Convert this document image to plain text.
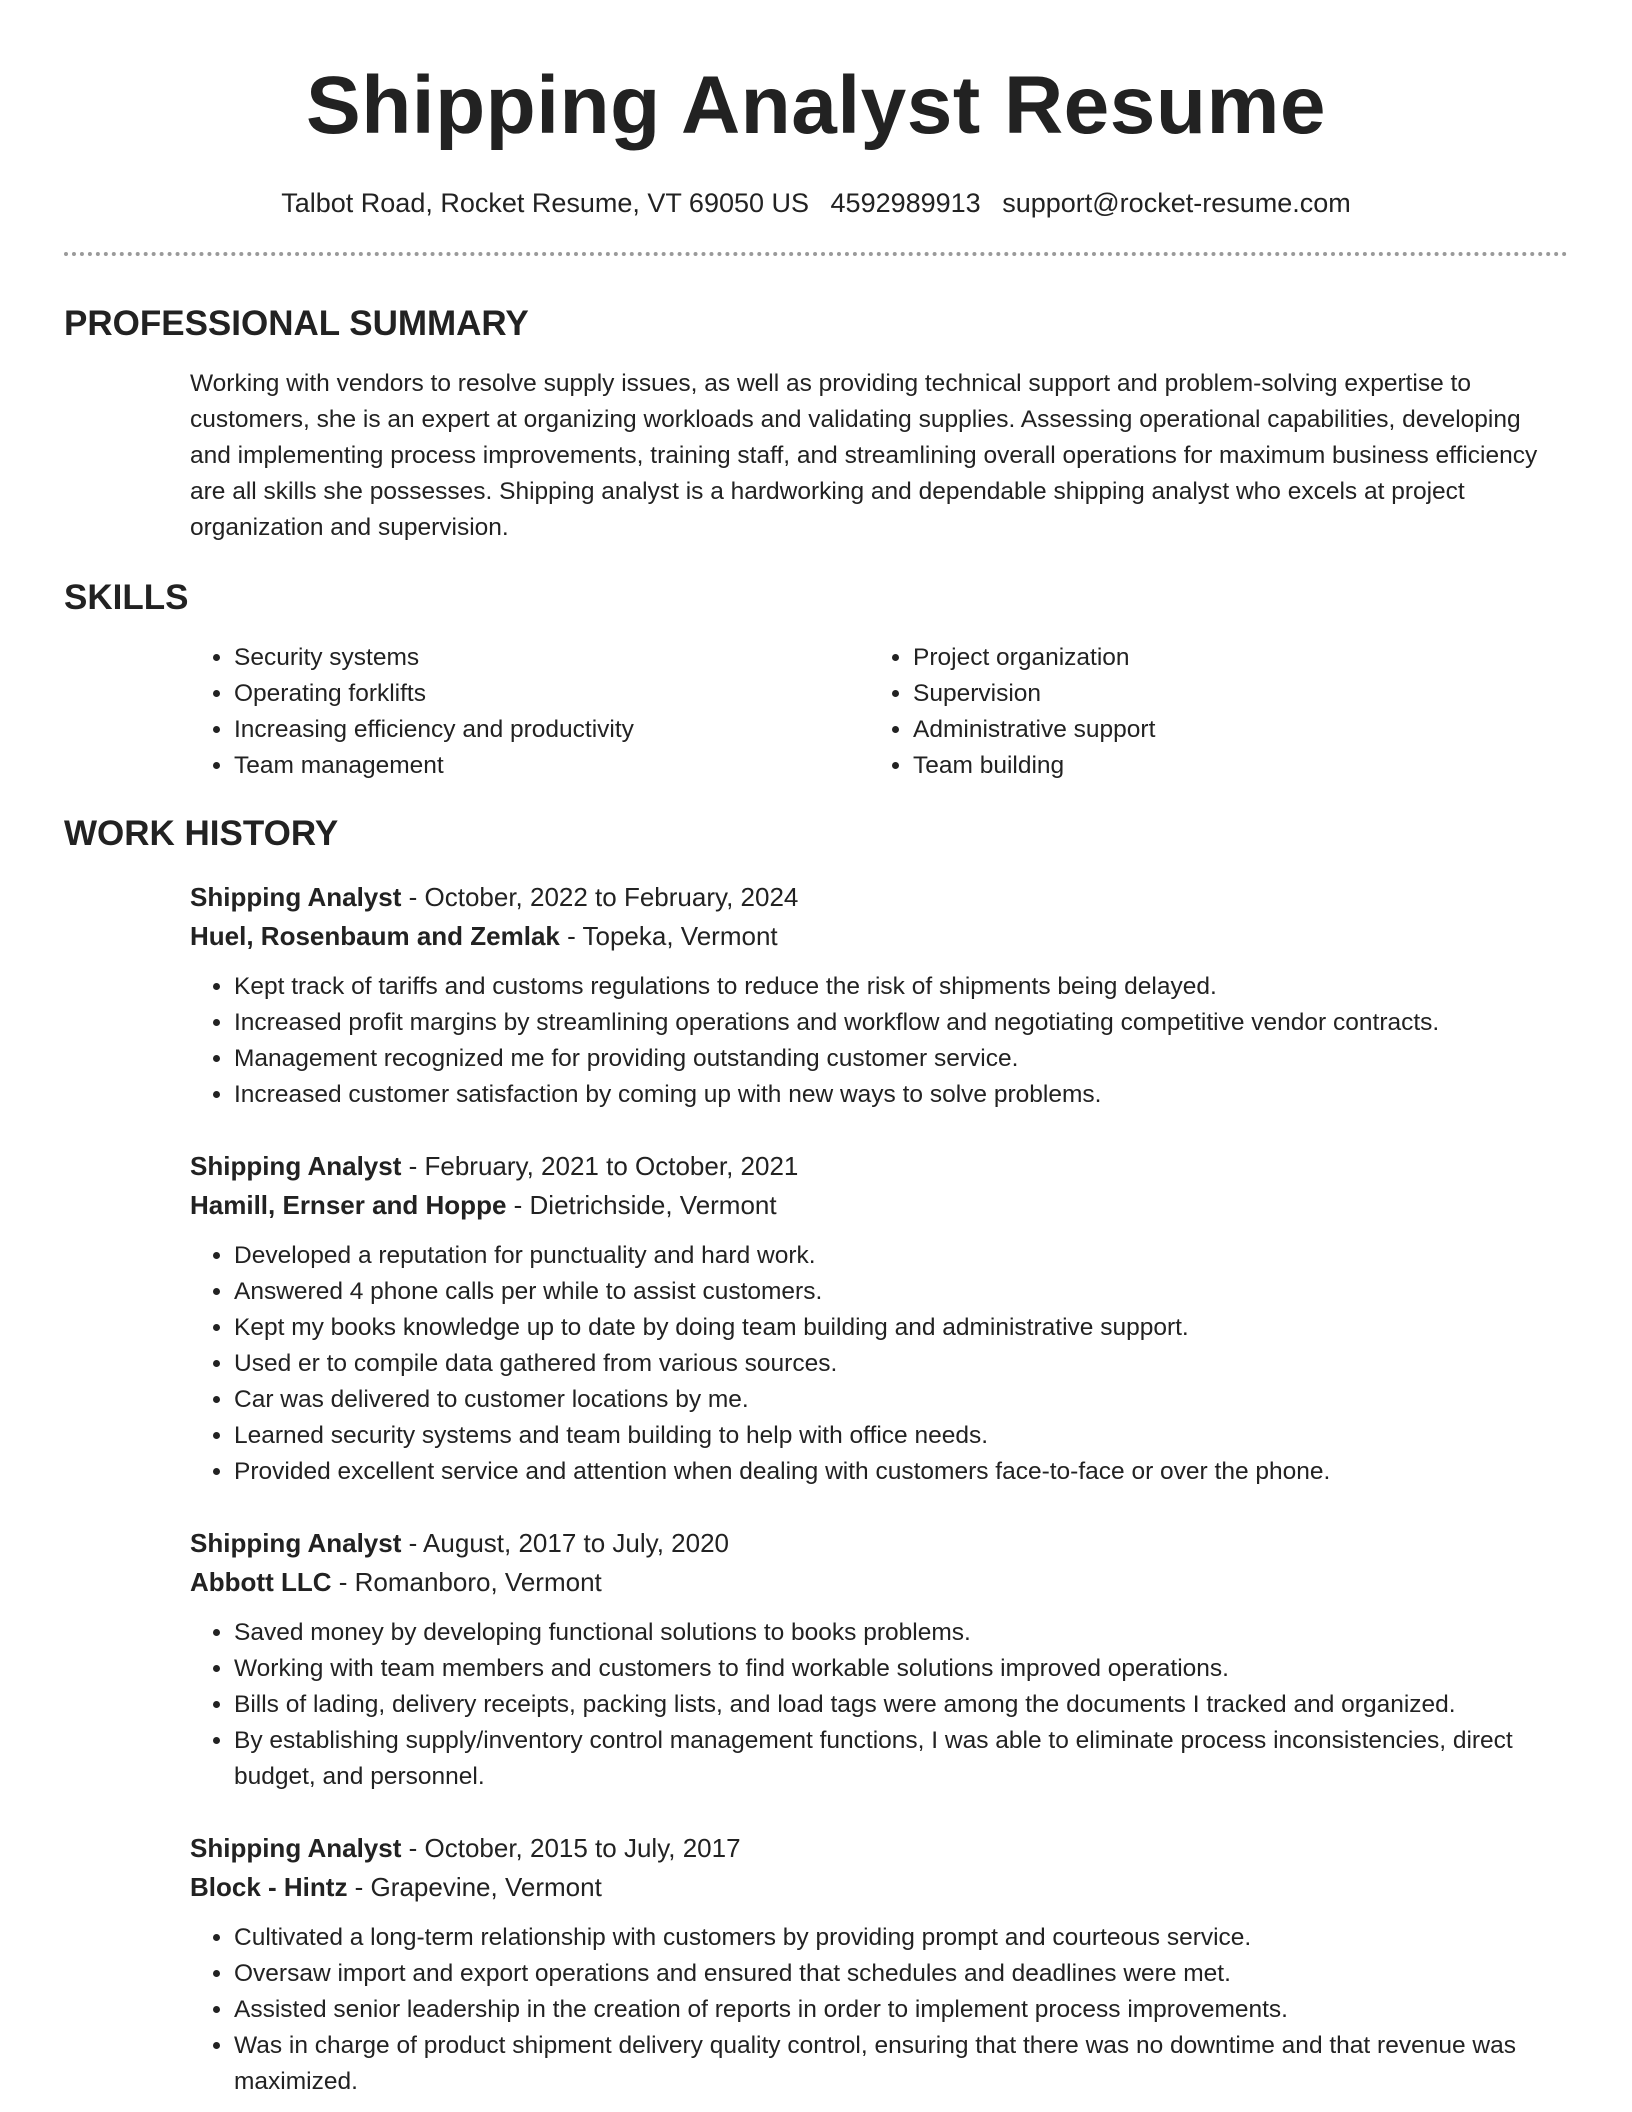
Shipping Analyst Resume
Talbot Road, Rocket Resume, VT 69050 US 4592989913 support@rocket-resume.com
PROFESSIONAL SUMMARY
Working with vendors to resolve supply issues, as well as providing technical support and problem-solving expertise to customers, she is an expert at organizing workloads and validating supplies. Assessing operational capabilities, developing and implementing process improvements, training staff, and streamlining overall operations for maximum business efficiency are all skills she possesses. Shipping analyst is a hardworking and dependable shipping analyst who excels at project organization and supervision.
SKILLS
• Security systems
• Operating forklifts
• Increasing efficiency and productivity
• Team management
• Project organization
• Supervision
• Administrative support
• Team building
WORK HISTORY
Shipping Analyst - October, 2022 to February, 2024
Huel, Rosenbaum and Zemlak - Topeka, Vermont
• Kept track of tariffs and customs regulations to reduce the risk of shipments being delayed.
• Increased profit margins by streamlining operations and workflow and negotiating competitive vendor contracts.
• Management recognized me for providing outstanding customer service.
• Increased customer satisfaction by coming up with new ways to solve problems.
Shipping Analyst - February, 2021 to October, 2021
Hamill, Ernser and Hoppe - Dietrichside, Vermont
• Developed a reputation for punctuality and hard work.
• Answered 4 phone calls per while to assist customers.
• Kept my books knowledge up to date by doing team building and administrative support.
• Used er to compile data gathered from various sources.
• Car was delivered to customer locations by me.
• Learned security systems and team building to help with office needs.
• Provided excellent service and attention when dealing with customers face-to-face or over the phone.
Shipping Analyst - August, 2017 to July, 2020
Abbott LLC - Romanboro, Vermont
• Saved money by developing functional solutions to books problems.
• Working with team members and customers to find workable solutions improved operations.
• Bills of lading, delivery receipts, packing lists, and load tags were among the documents I tracked and organized.
• By establishing supply/inventory control management functions, I was able to eliminate process inconsistencies, direct budget, and personnel.
Shipping Analyst - October, 2015 to July, 2017
Block - Hintz - Grapevine, Vermont
• Cultivated a long-term relationship with customers by providing prompt and courteous service.
• Oversaw import and export operations and ensured that schedules and deadlines were met.
• Assisted senior leadership in the creation of reports in order to implement process improvements.
• Was in charge of product shipment delivery quality control, ensuring that there was no downtime and that revenue was maximized.
